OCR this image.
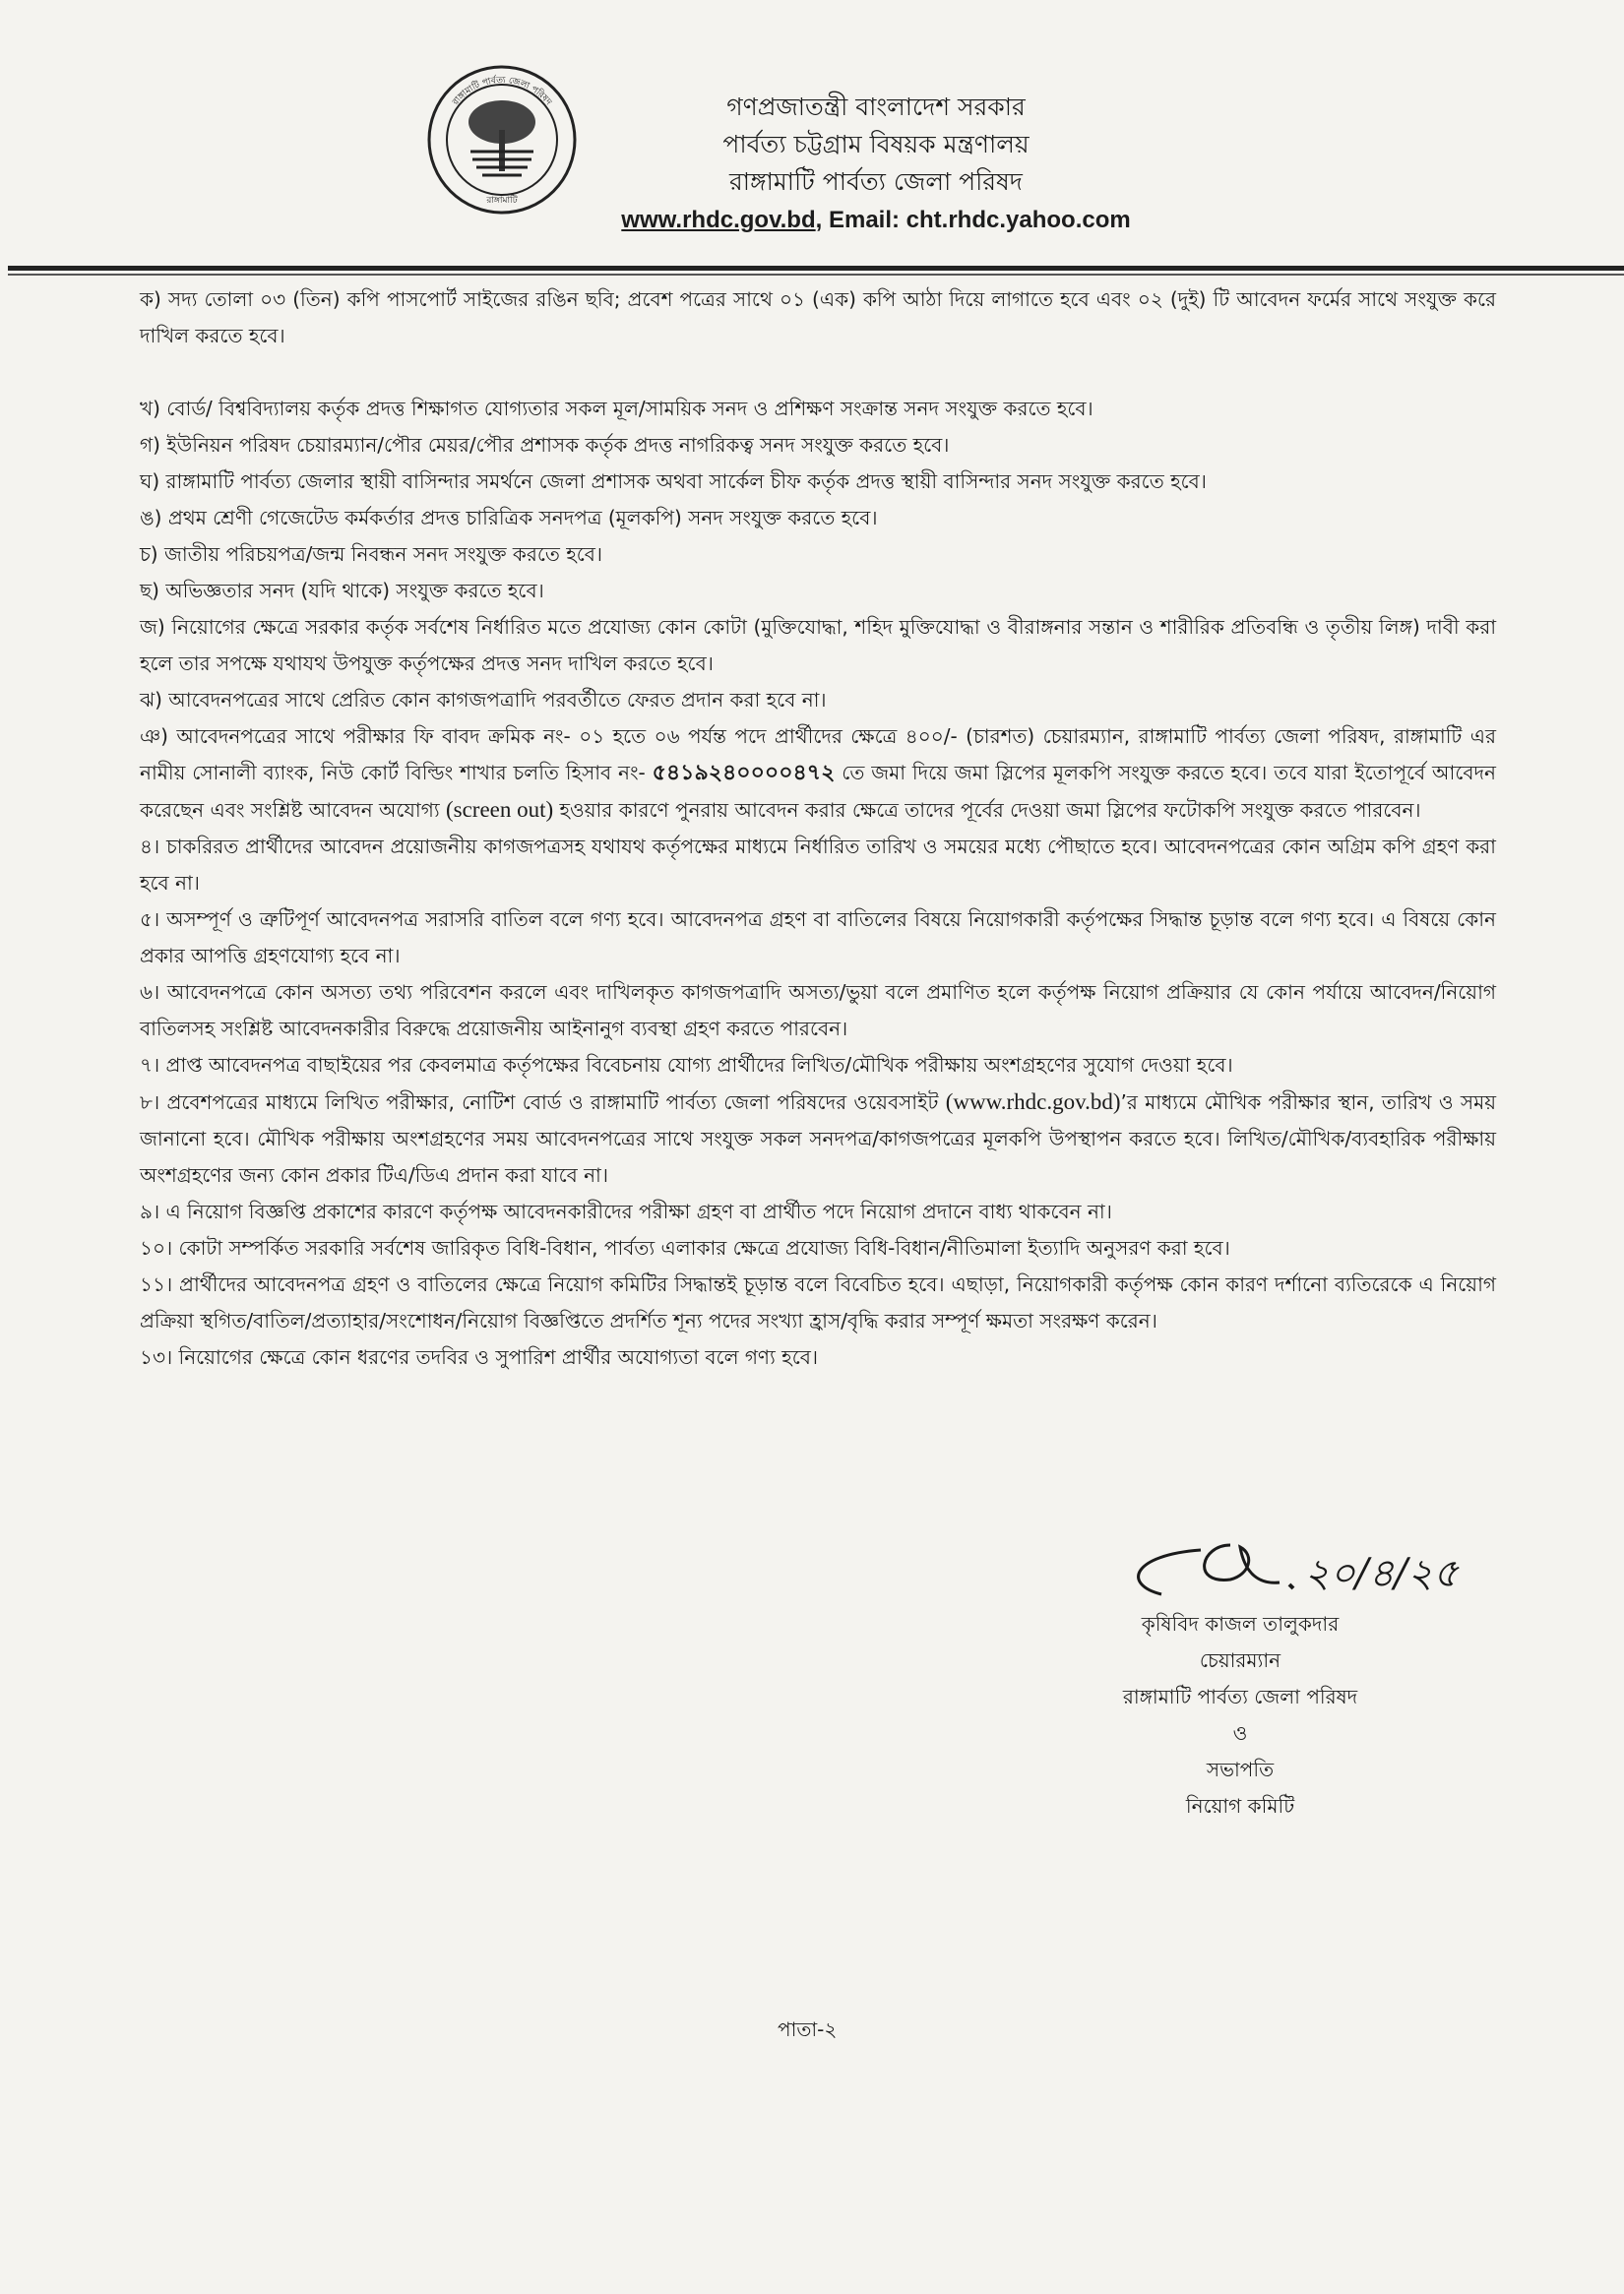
রাঙ্গামাটি পার্বত্য জেলা পরিষদ
রাঙ্গামাটি

গণপ্রজাতন্ত্রী বাংলাদেশ সরকার

পার্বত্য চট্টগ্রাম বিষয়ক মন্ত্রণালয়

রাঙ্গামাটি পার্বত্য জেলা পরিষদ

www.rhdc.gov.bd, Email: cht.rhdc.yahoo.com

ক) সদ্য তোলা ০৩ (তিন) কপি পাসপোর্ট সাইজের রঙিন ছবি; প্রবেশ পত্রের সাথে ০১ (এক) কপি আঠা দিয়ে লাগাতে হবে এবং ০২ (দুই) টি আবেদন ফর্মের সাথে সংযুক্ত করে দাখিল করতে হবে।

খ) বোর্ড/ বিশ্ববিদ্যালয় কর্তৃক প্রদত্ত শিক্ষাগত যোগ্যতার সকল মূল/সাময়িক সনদ ও প্রশিক্ষণ সংক্রান্ত সনদ সংযুক্ত করতে হবে।

গ) ইউনিয়ন পরিষদ চেয়ারম্যান/পৌর মেয়র/পৌর প্রশাসক কর্তৃক প্রদত্ত নাগরিকত্ব সনদ সংযুক্ত করতে হবে।

ঘ) রাঙ্গামাটি পার্বত্য জেলার স্থায়ী বাসিন্দার সমর্থনে জেলা প্রশাসক অথবা সার্কেল চীফ কর্তৃক প্রদত্ত স্থায়ী বাসিন্দার সনদ সংযুক্ত করতে হবে।

ঙ) প্রথম শ্রেণী গেজেটেড কর্মকর্তার প্রদত্ত চারিত্রিক সনদপত্র (মূলকপি) সনদ সংযুক্ত করতে হবে।

চ) জাতীয় পরিচয়পত্র/জন্ম নিবন্ধন সনদ সংযুক্ত করতে হবে।

ছ) অভিজ্ঞতার সনদ (যদি থাকে) সংযুক্ত করতে হবে।

জ) নিয়োগের ক্ষেত্রে সরকার কর্তৃক সর্বশেষ নির্ধারিত মতে প্রযোজ্য কোন কোটা (মুক্তিযোদ্ধা, শহিদ মুক্তিযোদ্ধা ও বীরাঙ্গনার সন্তান ও শারীরিক প্রতিবন্ধি ও তৃতীয় লিঙ্গ) দাবী করা হলে তার সপক্ষে যথাযথ উপযুক্ত কর্তৃপক্ষের প্রদত্ত সনদ দাখিল করতে হবে।

ঝ) আবেদনপত্রের সাথে প্রেরিত কোন কাগজপত্রাদি পরবর্তীতে ফেরত প্রদান করা হবে না।

ঞ) আবেদনপত্রের সাথে পরীক্ষার ফি বাবদ ক্রমিক নং- ০১ হতে ০৬ পর্যন্ত পদে প্রার্থীদের ক্ষেত্রে ৪০০/- (চারশত) চেয়ারম্যান, রাঙ্গামাটি পার্বত্য জেলা পরিষদ, রাঙ্গামাটি এর নামীয় সোনালী ব্যাংক, নিউ কোর্ট বিল্ডিং শাখার চলতি হিসাব নং- ৫৪১৯২৪০০০০৪৭২ তে জমা দিয়ে জমা স্লিপের মূলকপি সংযুক্ত করতে হবে। তবে যারা ইতোপূর্বে আবেদন করেছেন এবং সংশ্লিষ্ট আবেদন অযোগ্য (screen out) হওয়ার কারণে পুনরায় আবেদন করার ক্ষেত্রে তাদের পূর্বের দেওয়া জমা স্লিপের ফটোকপি সংযুক্ত করতে পারবেন।

৪। চাকরিরত প্রার্থীদের আবেদন প্রয়োজনীয় কাগজপত্রসহ যথাযথ কর্তৃপক্ষের মাধ্যমে নির্ধারিত তারিখ ও সময়ের মধ্যে পৌছাতে হবে। আবেদনপত্রের কোন অগ্রিম কপি গ্রহণ করা হবে না।

৫। অসম্পূর্ণ ও ত্রুটিপূর্ণ আবেদনপত্র সরাসরি বাতিল বলে গণ্য হবে। আবেদনপত্র গ্রহণ বা বাতিলের বিষয়ে নিয়োগকারী কর্তৃপক্ষের সিদ্ধান্ত চূড়ান্ত বলে গণ্য হবে। এ বিষয়ে কোন প্রকার আপত্তি গ্রহণযোগ্য হবে না।

৬। আবেদনপত্রে কোন অসত্য তথ্য পরিবেশন করলে এবং দাখিলকৃত কাগজপত্রাদি অসত্য/ভুয়া বলে প্রমাণিত হলে কর্তৃপক্ষ নিয়োগ প্রক্রিয়ার যে কোন পর্যায়ে আবেদন/নিয়োগ বাতিলসহ সংশ্লিষ্ট আবেদনকারীর বিরুদ্ধে প্রয়োজনীয় আইনানুগ ব্যবস্থা গ্রহণ করতে পারবেন।

৭। প্রাপ্ত আবেদনপত্র বাছাইয়ের পর কেবলমাত্র কর্তৃপক্ষের বিবেচনায় যোগ্য প্রার্থীদের লিখিত/মৌখিক পরীক্ষায় অংশগ্রহণের সুযোগ দেওয়া হবে।

৮। প্রবেশপত্রের মাধ্যমে লিখিত পরীক্ষার, নোটিশ বোর্ড ও রাঙ্গামাটি পার্বত্য জেলা পরিষদের ওয়েবসাইট (www.rhdc.gov.bd)’র মাধ্যমে মৌখিক পরীক্ষার স্থান, তারিখ ও সময় জানানো হবে। মৌখিক পরীক্ষায় অংশগ্রহণের সময় আবেদনপত্রের সাথে সংযুক্ত সকল সনদপত্র/কাগজপত্রের মূলকপি উপস্থাপন করতে হবে। লিখিত/মৌখিক/ব্যবহারিক পরীক্ষায় অংশগ্রহণের জন্য কোন প্রকার টিএ/ডিএ প্রদান করা যাবে না।

৯। এ নিয়োগ বিজ্ঞপ্তি প্রকাশের কারণে কর্তৃপক্ষ আবেদনকারীদের পরীক্ষা গ্রহণ বা প্রার্থীত পদে নিয়োগ প্রদানে বাধ্য থাকবেন না।

১০। কোটা সম্পর্কিত সরকারি সর্বশেষ জারিকৃত বিধি-বিধান, পার্বত্য এলাকার ক্ষেত্রে প্রযোজ্য বিধি-বিধান/নীতিমালা ইত্যাদি অনুসরণ করা হবে।

১১। প্রার্থীদের আবেদনপত্র গ্রহণ ও বাতিলের ক্ষেত্রে নিয়োগ কমিটির সিদ্ধান্তই চূড়ান্ত বলে বিবেচিত হবে। এছাড়া, নিয়োগকারী কর্তৃপক্ষ কোন কারণ দর্শানো ব্যতিরেকে এ নিয়োগ প্রক্রিয়া স্থগিত/বাতিল/প্রত্যাহার/সংশোধন/নিয়োগ বিজ্ঞপ্তিতে প্রদর্শিত শূন্য পদের সংখ্যা হ্রাস/বৃদ্ধি করার সম্পূর্ণ ক্ষমতা সংরক্ষণ করেন।

১৩। নিয়োগের ক্ষেত্রে কোন ধরণের তদবির ও সুপারিশ প্রার্থীর অযোগ্যতা বলে গণ্য হবে।

২০/৪/২৫

কৃষিবিদ কাজল তালুকদার

চেয়ারম্যান

রাঙ্গামাটি পার্বত্য জেলা পরিষদ

ও

সভাপতি

নিয়োগ কমিটি

পাতা-২
